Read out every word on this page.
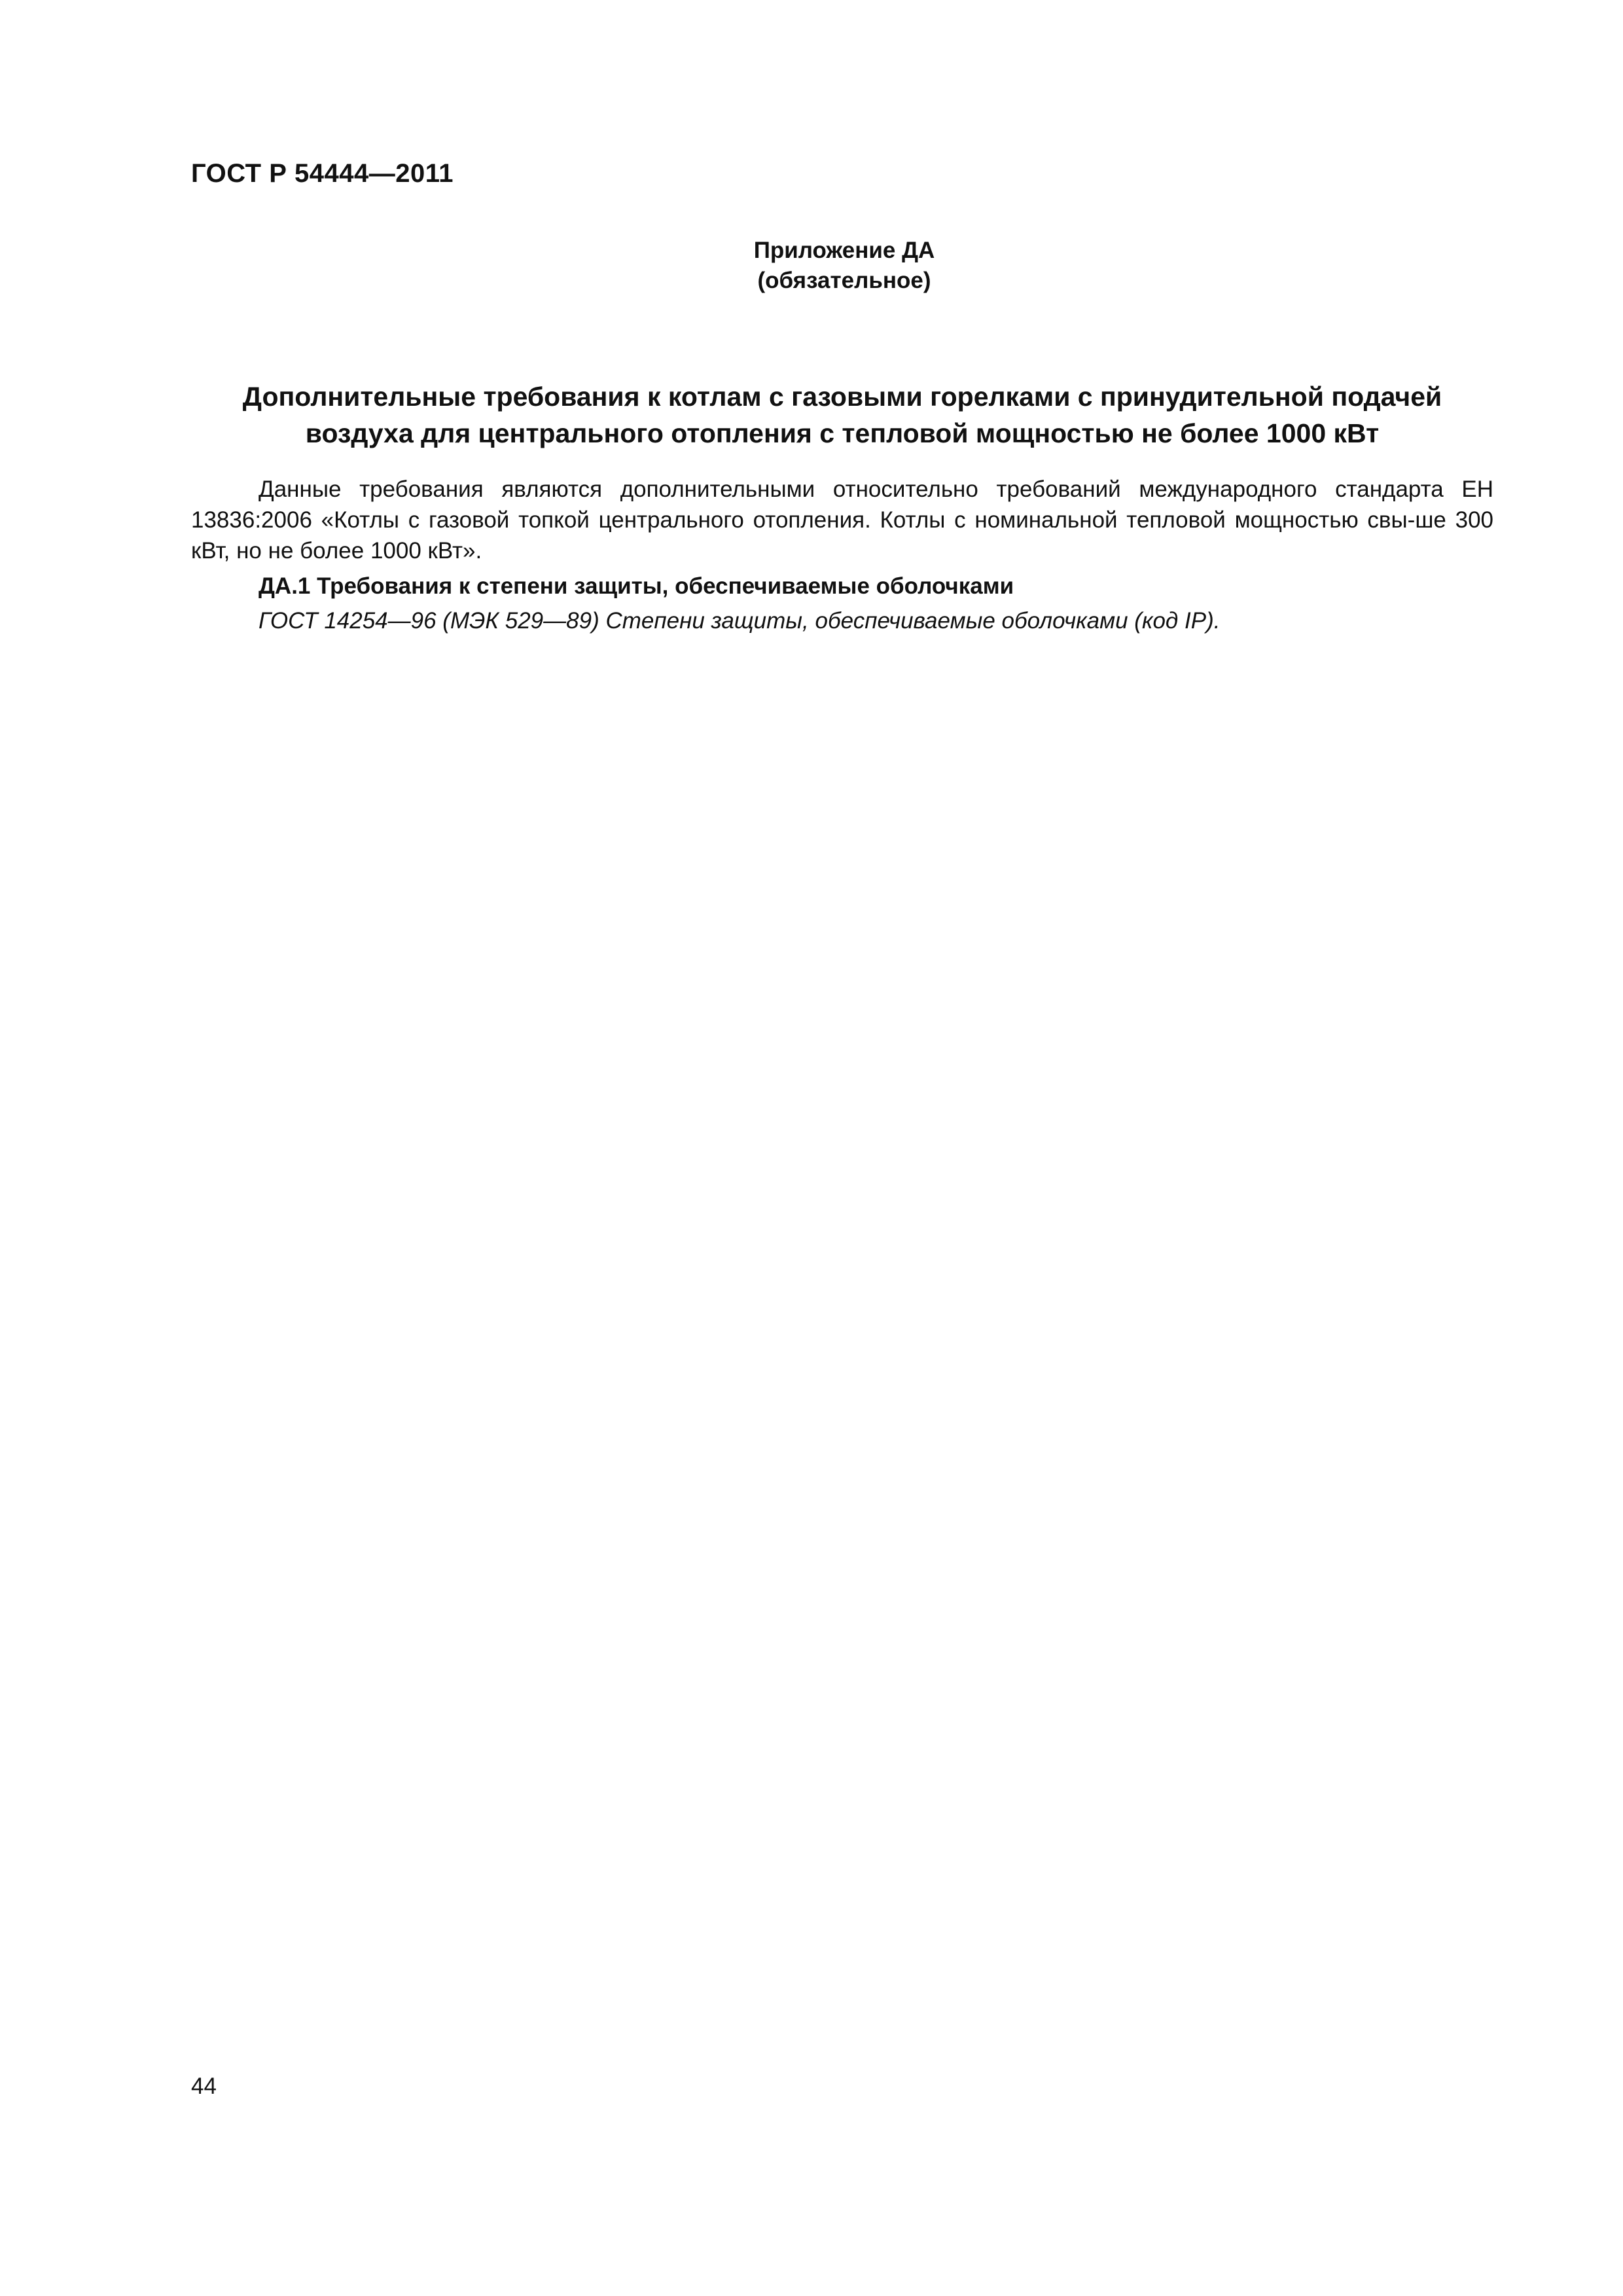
ГОСТ Р 54444—2011
Приложение ДА
(обязательное)
Дополнительные требования к котлам с газовыми горелками с принудительной подачей
воздуха для центрального отопления с тепловой мощностью не более 1000 кВт

Данные требования являются дополнительными относительно требований международного стандарта ЕН 13836:2006 «Котлы с газовой топкой центрального отопления. Котлы с номинальной тепловой мощностью свы-ше 300 кВт, но не более 1000 кВт».

ДА.1 Требования к степени защиты, обеспечиваемые оболочками
ГОСТ 14254—96 (МЭК 529—89) Степени защиты, обеспечиваемые оболочками (код IP).
44
